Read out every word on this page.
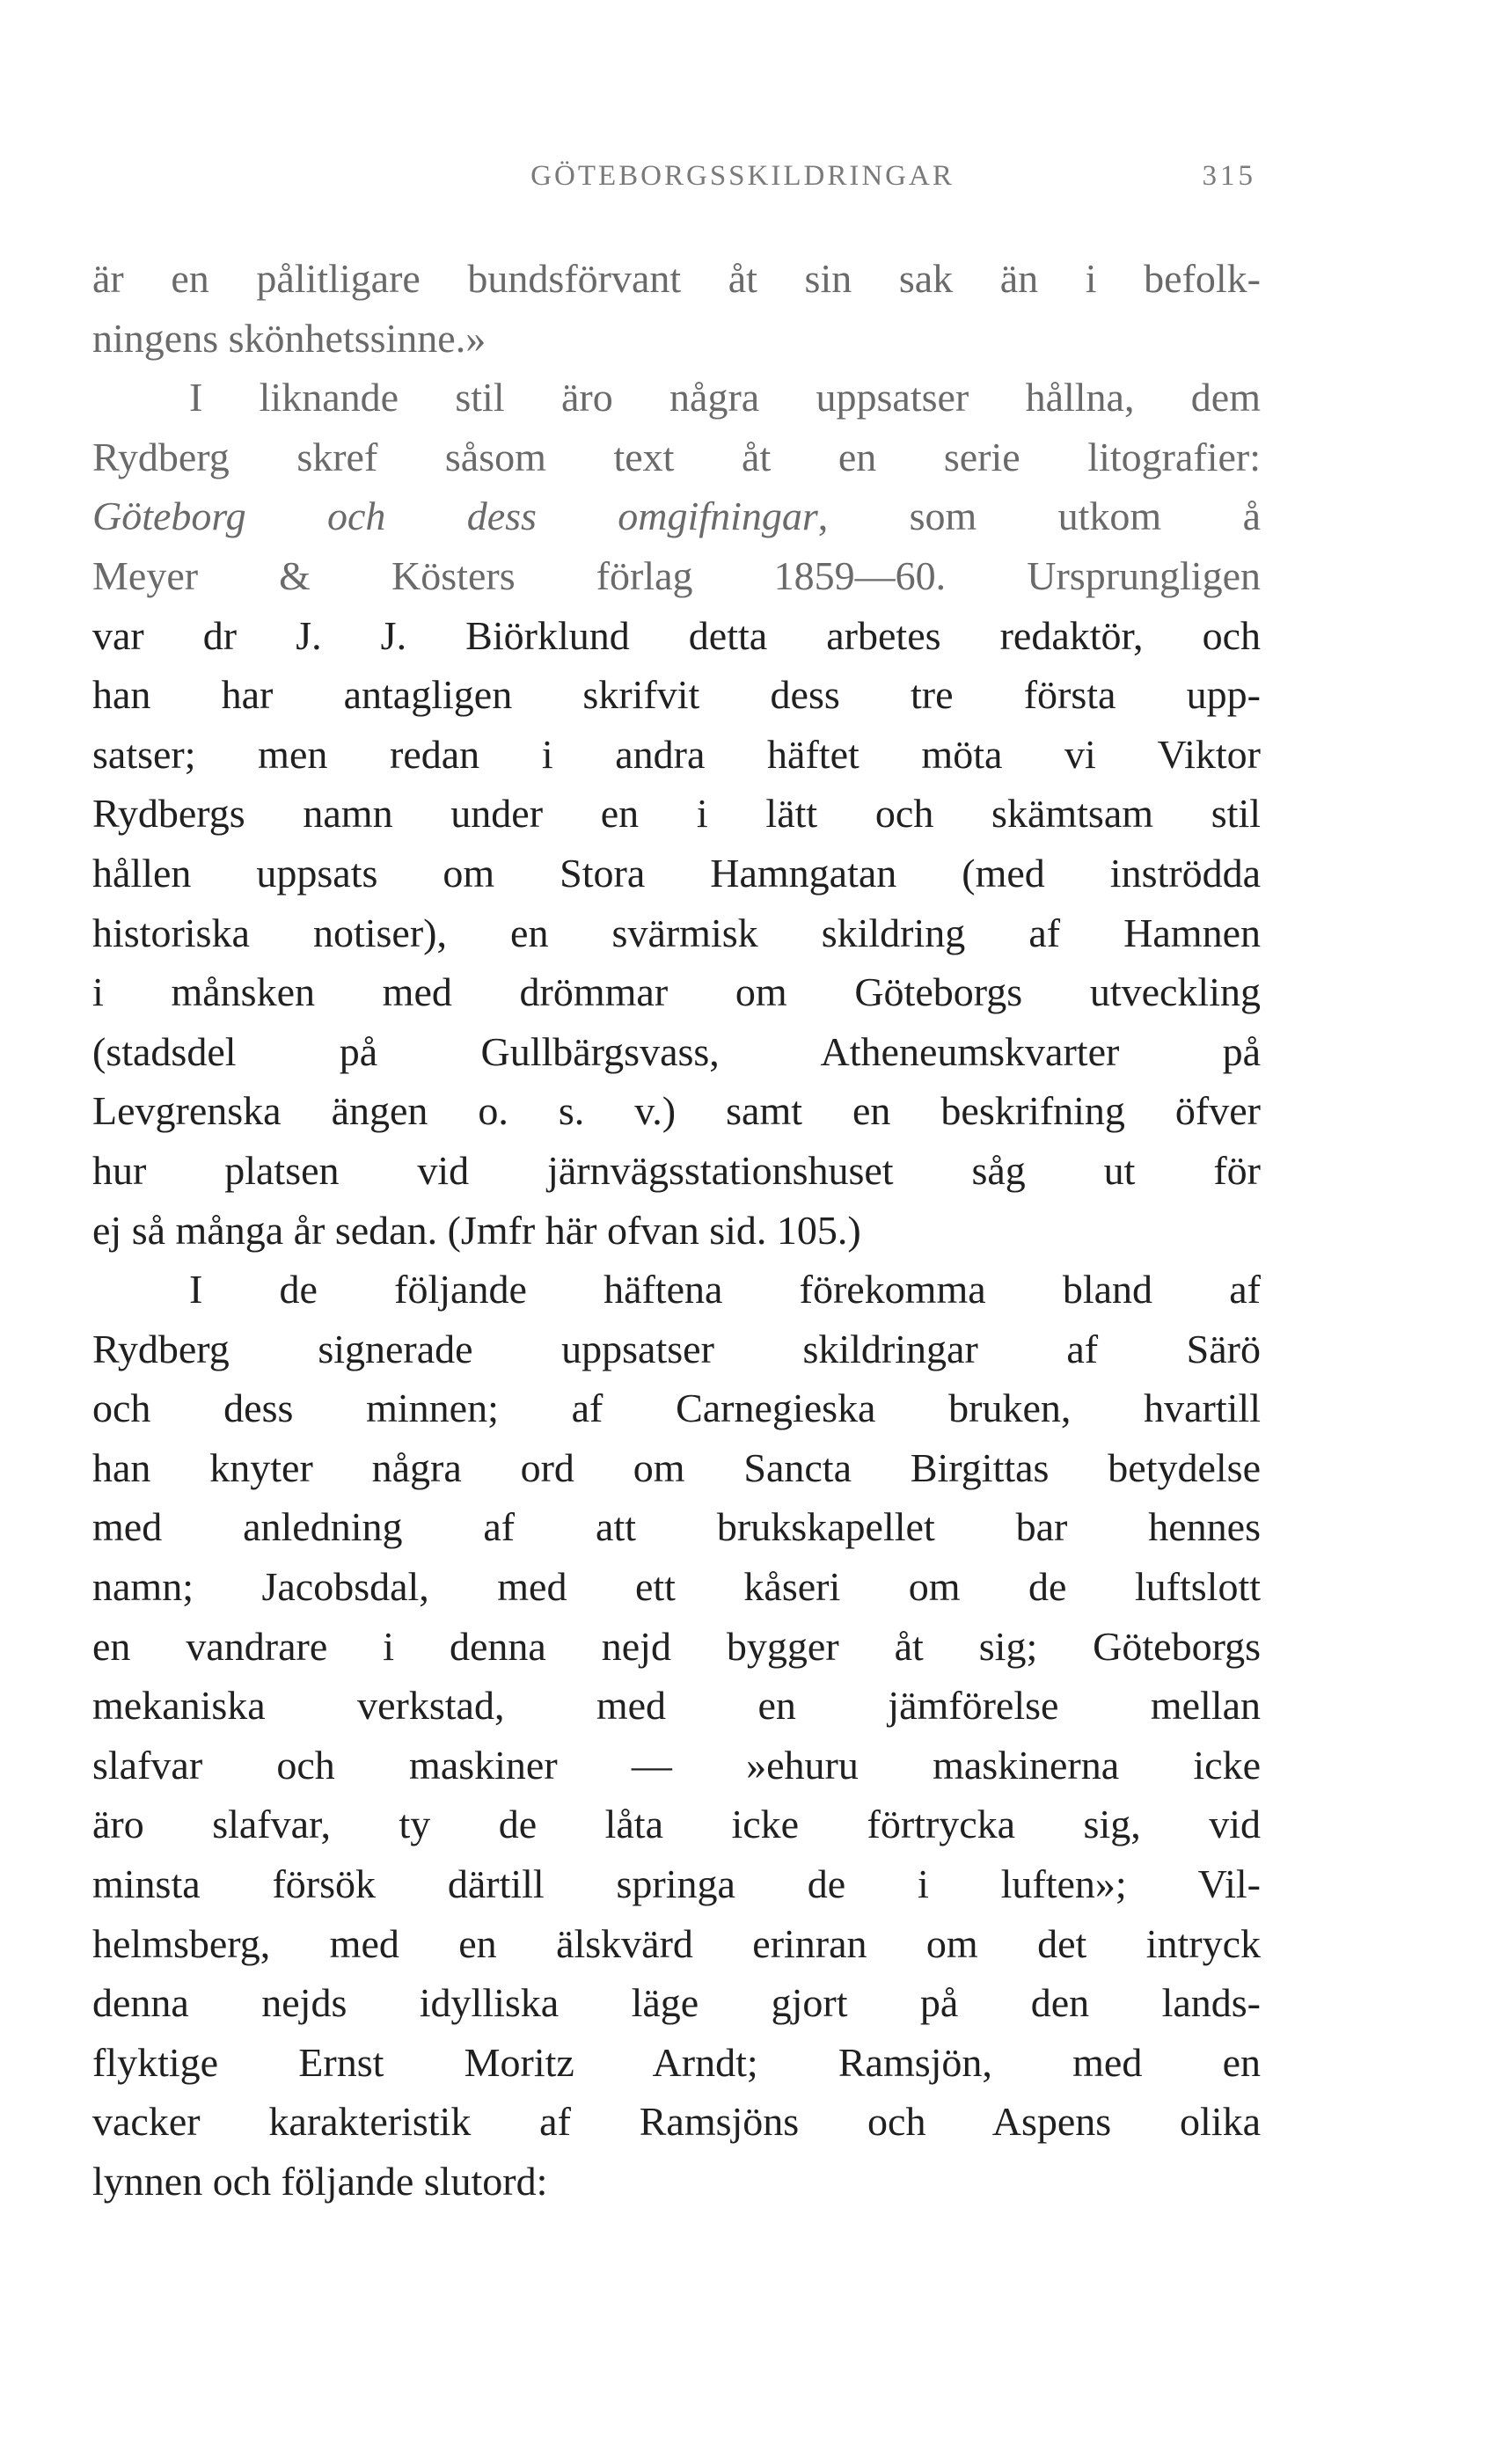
GÖTEBORGSSKILDRINGAR	315
är en pålitligare bundsförvant åt sin sak än i befolk-
ningens skönhetssinne.»
I liknande stil äro några uppsatser hållna, dem
Rydberg skref såsom text åt en serie litografier:
Göteborg och dess omgifningar, som utkom å
Meyer & Kösters förlag 1859—60. Ursprungligen
var dr J. J. Biörklund detta arbetes redaktör, och
han har antagligen skrifvit dess tre första upp-
satser; men redan i andra häftet möta vi Viktor
Rydbergs namn under en i lätt och skämtsam stil
hållen uppsats om Stora Hamngatan (med inströdda
historiska notiser), en svärmisk skildring af Hamnen
i månsken med drömmar om Göteborgs utveckling
(stadsdel på Gullbärgsvass, Atheneumskvarter på
Levgrenska ängen o. s. v.) samt en beskrifning öfver
hur platsen vid järnvägsstationshuset såg ut för
ej så många år sedan. (Jmfr här ofvan sid. 105.)
I de följande häftena förekomma bland af
Rydberg signerade uppsatser skildringar af Särö
och dess minnen; af Carnegieska bruken, hvartill
han knyter några ord om Sancta Birgittas betydelse
med anledning af att brukskapellet bar hennes
namn; Jacobsdal, med ett kåseri om de luftslott
en vandrare i denna nejd bygger åt sig; Göteborgs
mekaniska verkstad, med en jämförelse mellan
slafvar och maskiner — »ehuru maskinerna icke
äro slafvar, ty de låta icke förtrycka sig, vid
minsta försök därtill springa de i luften»; Vil-
helmsberg, med en älskvärd erinran om det intryck
denna nejds idylliska läge gjort på den lands-
flyktige Ernst Moritz Arndt; Ramsjön, med en
vacker karakteristik af Ramsjöns och Aspens olika
lynnen och följande slutord:
